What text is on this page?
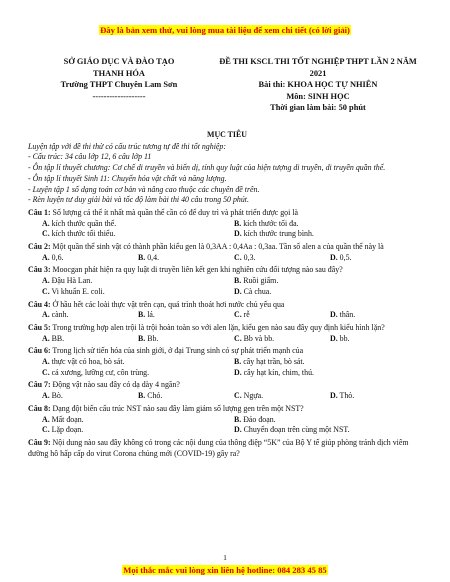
Đây là bản xem thử, vui lòng mua tài liệu để xem chi tiết (có lời giải)
SỞ GIÁO DỤC VÀ ĐÀO TẠO
THANH HÓA
Trường THPT Chuyên Lam Sơn
-------------------
ĐỀ THI KSCL THI TỐT NGHIỆP THPT LẦN 2 NĂM 2021
Bài thi: KHOA HỌC TỰ NHIÊN
Môn: SINH HỌC
Thời gian làm bài: 50 phút
MỤC TIÊU
Luyện tập với đề thi thử có cấu trúc tương tự đề thi tốt nghiệp:
- Cấu trúc: 34 câu lớp 12, 6 câu lớp 11
- Ôn tập lí thuyết chương: Cơ chế di truyền và biến dị, tính quy luật của hiện tượng di truyền, di truyền quần thể.
- Ôn tập lí thuyết Sinh 11: Chuyển hóa vật chất và năng lượng.
- Luyện tập 1 số dạng toán cơ bản và nâng cao thuộc các chuyên đề trên.
- Rèn luyện tư duy giải bài và tốc độ làm bài thi 40 câu trong 50 phút.
Câu 1: Số lượng cá thể ít nhất mà quần thể cần có để duy trì và phát triển được gọi là
A. kích thước quần thể.	B. kích thước tối đa.
C. kích thước tối thiểu.	D. kích thước trung bình.
Câu 2: Một quần thể sinh vật có thành phần kiểu gen là 0,3AA : 0,4Aa : 0,3aa. Tần số alen a của quần thể này là
A. 0,6.	B. 0,4.	C. 0,3.	D. 0,5.
Câu 3: Moocgan phát hiện ra quy luật di truyền liên kết gen khi nghiên cứu đối tượng nào sau đây?
A. Đậu Hà Lan.	B. Ruồi giấm.
C. Vi khuẩn E. coli.	D. Cà chua.
Câu 4: Ở hầu hết các loài thực vật trên cạn, quá trình thoát hơi nước chủ yếu qua
A. cành.	B. lá.	C. rễ	D. thân.
Câu 5: Trong trường hợp alen trội là trội hoàn toàn so với alen lặn, kiểu gen nào sau đây quy định kiểu hình lặn?
A. BB.	B. Bb.	C. Bb và bb.	D. bb.
Câu 6: Trong lịch sử tiến hóa của sinh giới, ở đại Trung sinh có sự phát triển mạnh của
A. thực vật có hoa, bò sát.	B. cây hạt trần, bò sát.
C. cá xương, lưỡng cư, côn trùng.	D. cây hạt kín, chim, thú.
Câu 7: Động vật nào sau đây có dạ dày 4 ngăn?
A. Bò.	B. Chó.	C. Ngựa.	D. Thỏ.
Câu 8: Dạng đột biến cấu trúc NST nào sau đây làm giảm số lượng gen trên một NST?
A. Mất đoạn.	B. Đảo đoạn.
C. Lặp đoạn.	D. Chuyển đoạn trên cùng một NST.
Câu 9: Nội dung nào sau đây không có trong các nội dung của thông điệp “5K” của Bộ Y tế giúp phòng tránh dịch viêm đường hô hấp cấp do virut Corona chủng mới (COVID-19) gây ra?
1
Mọi thắc mắc vui lòng xin liên hệ hotline: 084 283 45 85
